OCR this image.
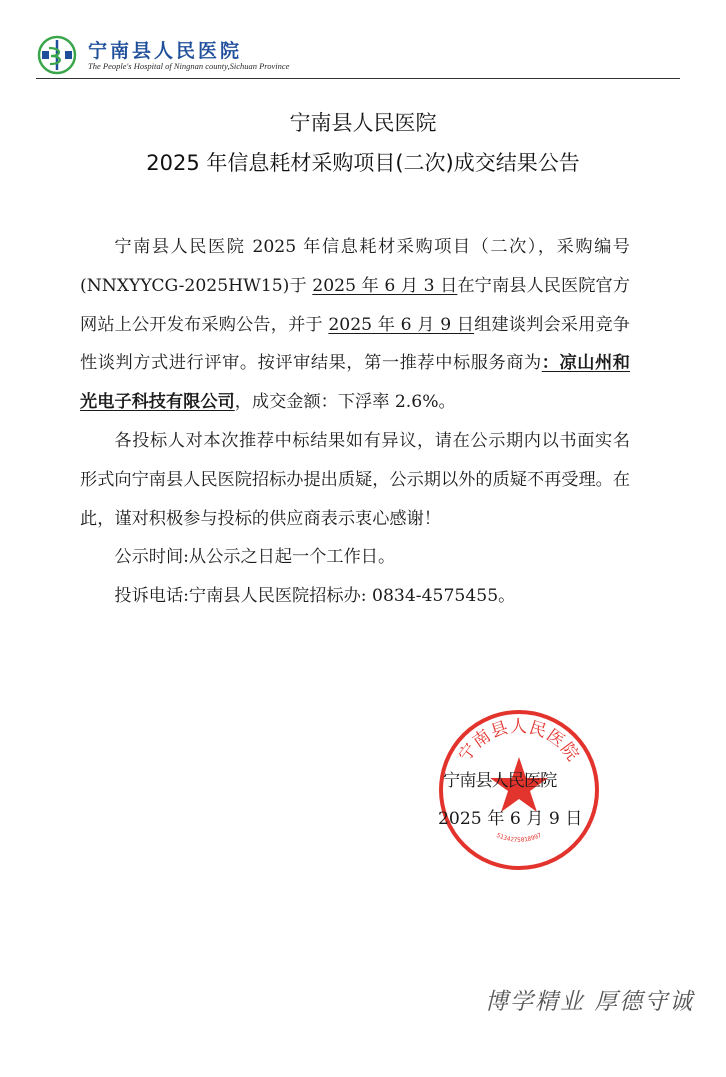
宁南县人民医院
The People's Hospital of Ningnan county,Sichuan Province
宁南县人民医院
2025 年信息耗材采购项目(二次)成交结果公告

宁南县人民医院 2025 年信息耗材采购项目（二次），采购编号(NNXYYCG-2025HW15)于 2025 年 6 月 3 日在宁南县人民医院官方网站上公开发布采购公告，并于 2025 年 6 月 9 日组建谈判会采用竞争性谈判方式进行评审。按评审结果，第一推荐中标服务商为：凉山州和光电子科技有限公司，成交金额：下浮率 2.6%。

各投标人对本次推荐中标结果如有异议，请在公示期内以书面实名形式向宁南县人民医院招标办提出质疑，公示期以外的质疑不再受理。在此，谨对积极参与投标的供应商表示衷心感谢！

公示时间:从公示之日起一个工作日。

投诉电话:宁南县人民医院招标办: 0834-4575455。

宁南县人民医院
5134275018997
宁南县人民医院
2025 年 6 月 9 日
博学精业 厚德守诚
